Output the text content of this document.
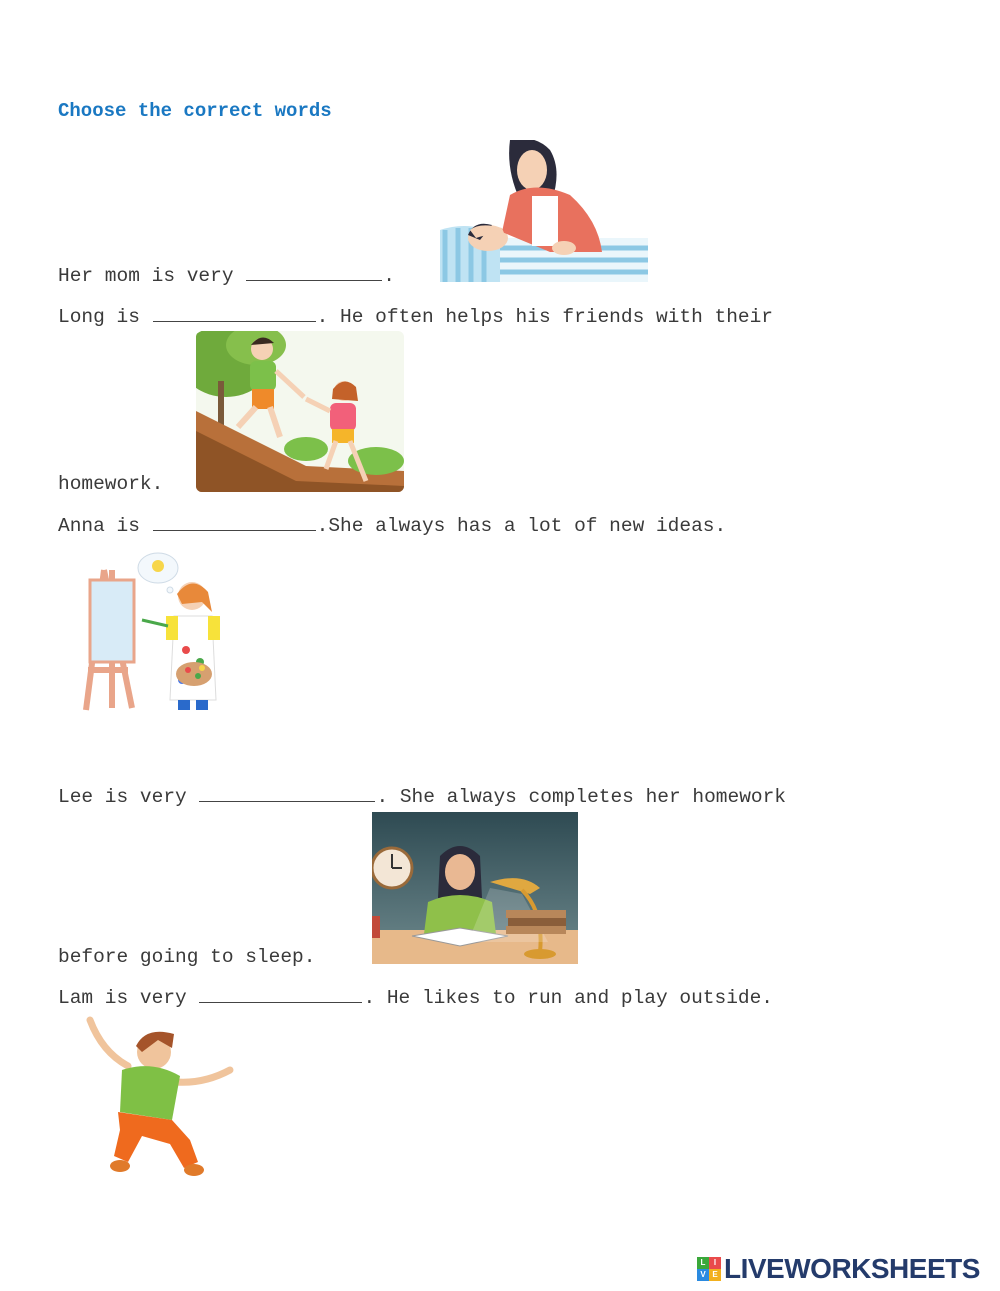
Choose the correct words
Her mom is very	.
Long is	. He often helps his friends with their
homework.
Anna is	.She always has a lot of new ideas.
Lee is very	. She always completes her homework
before going to sleep.
Lam is very	. He likes to run and play outside.
L	I
V E LIVEWORKSHEETS
